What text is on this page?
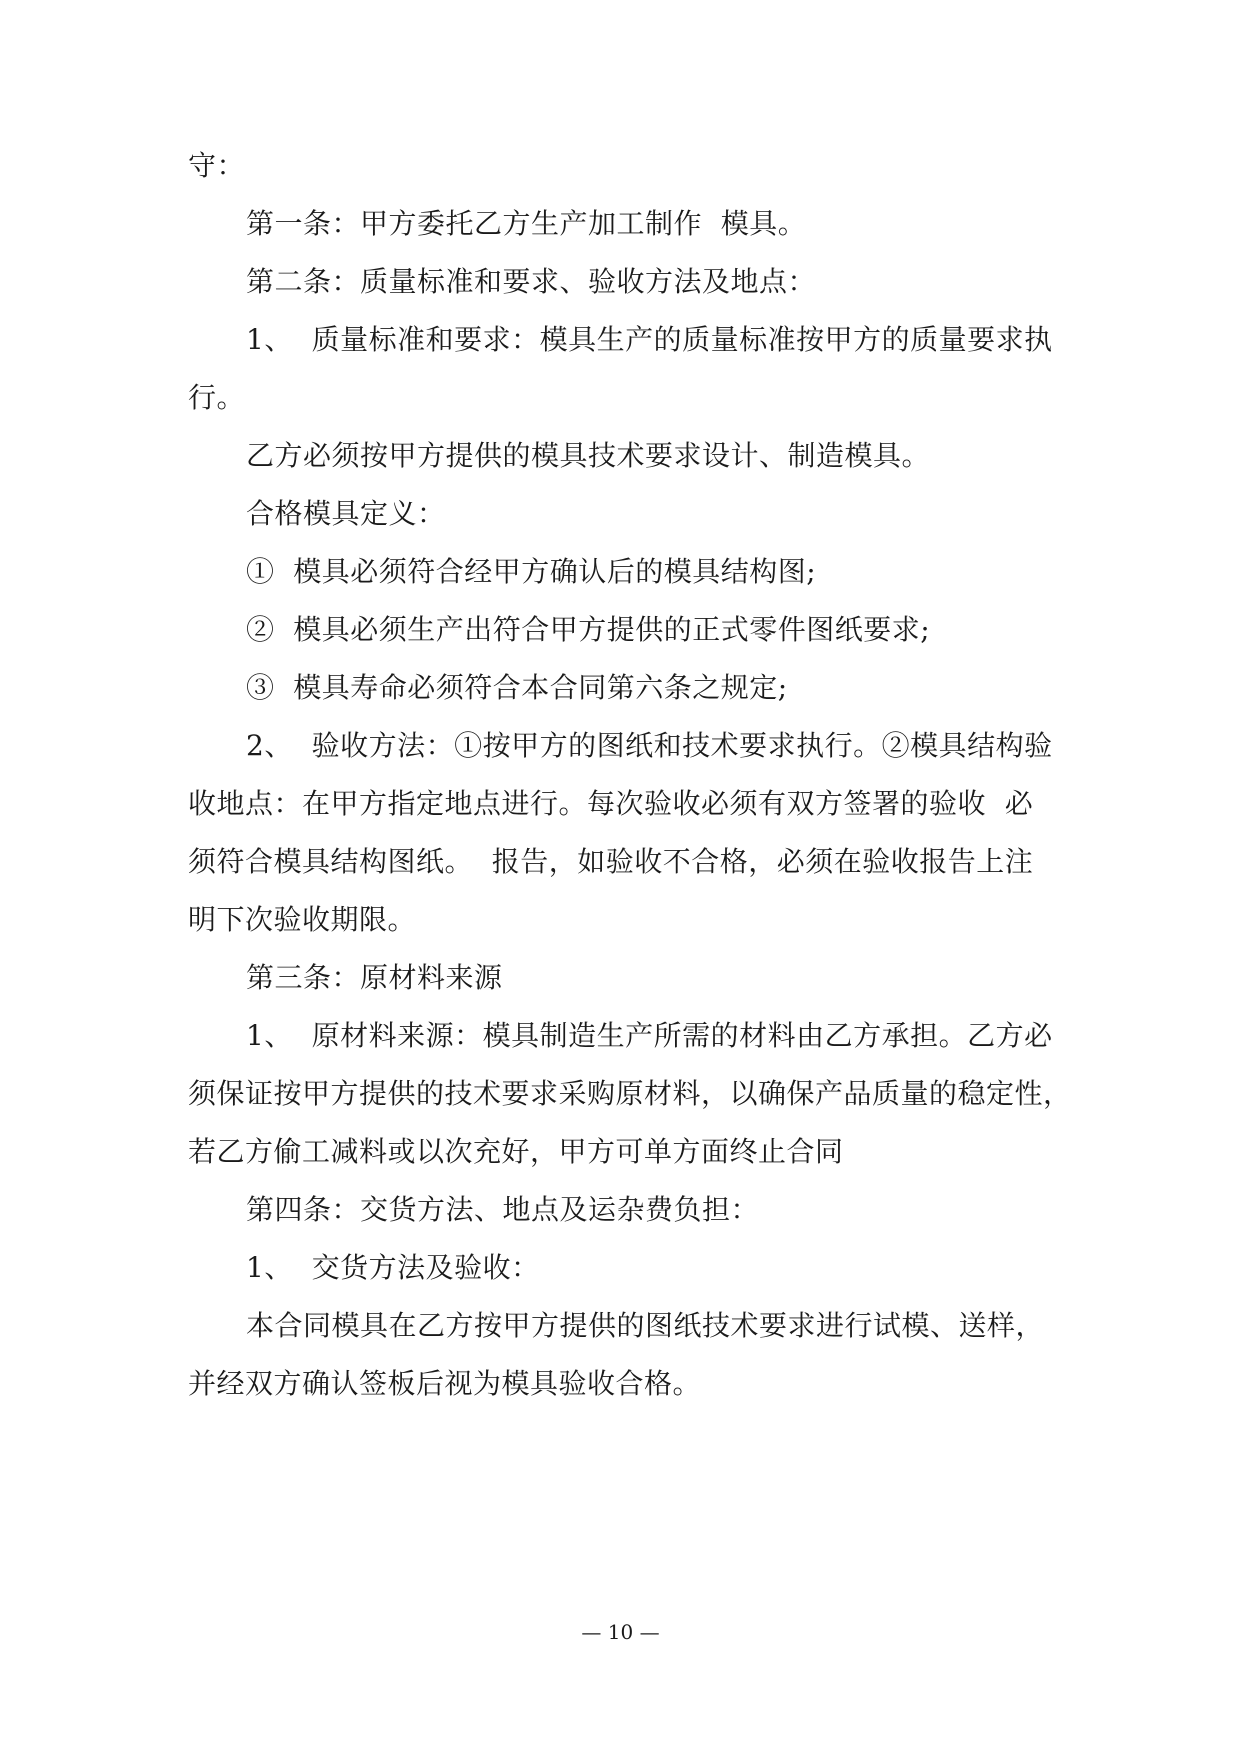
守：
第一条：甲方委托乙方生产加工制作  模具。
第二条：质量标准和要求、验收方法及地点：
1、  质量标准和要求：模具生产的质量标准按甲方的质量要求执
行。
乙方必须按甲方提供的模具技术要求设计、制造模具。
合格模具定义：
①  模具必须符合经甲方确认后的模具结构图;
②  模具必须生产出符合甲方提供的正式零件图纸要求;
③  模具寿命必须符合本合同第六条之规定;
2、  验收方法：①按甲方的图纸和技术要求执行。②模具结构验
收地点：在甲方指定地点进行。每次验收必须有双方签署的验收  必
须符合模具结构图纸。  报告，如验收不合格，必须在验收报告上注
明下次验收期限。
第三条：原材料来源
1、  原材料来源：模具制造生产所需的材料由乙方承担。乙方必
须保证按甲方提供的技术要求采购原材料，以确保产品质量的稳定性，
若乙方偷工减料或以次充好，甲方可单方面终止合同
第四条：交货方法、地点及运杂费负担：
1、  交货方法及验收：
本合同模具在乙方按甲方提供的图纸技术要求进行试模、送样，
并经双方确认签板后视为模具验收合格。
— 10 —
